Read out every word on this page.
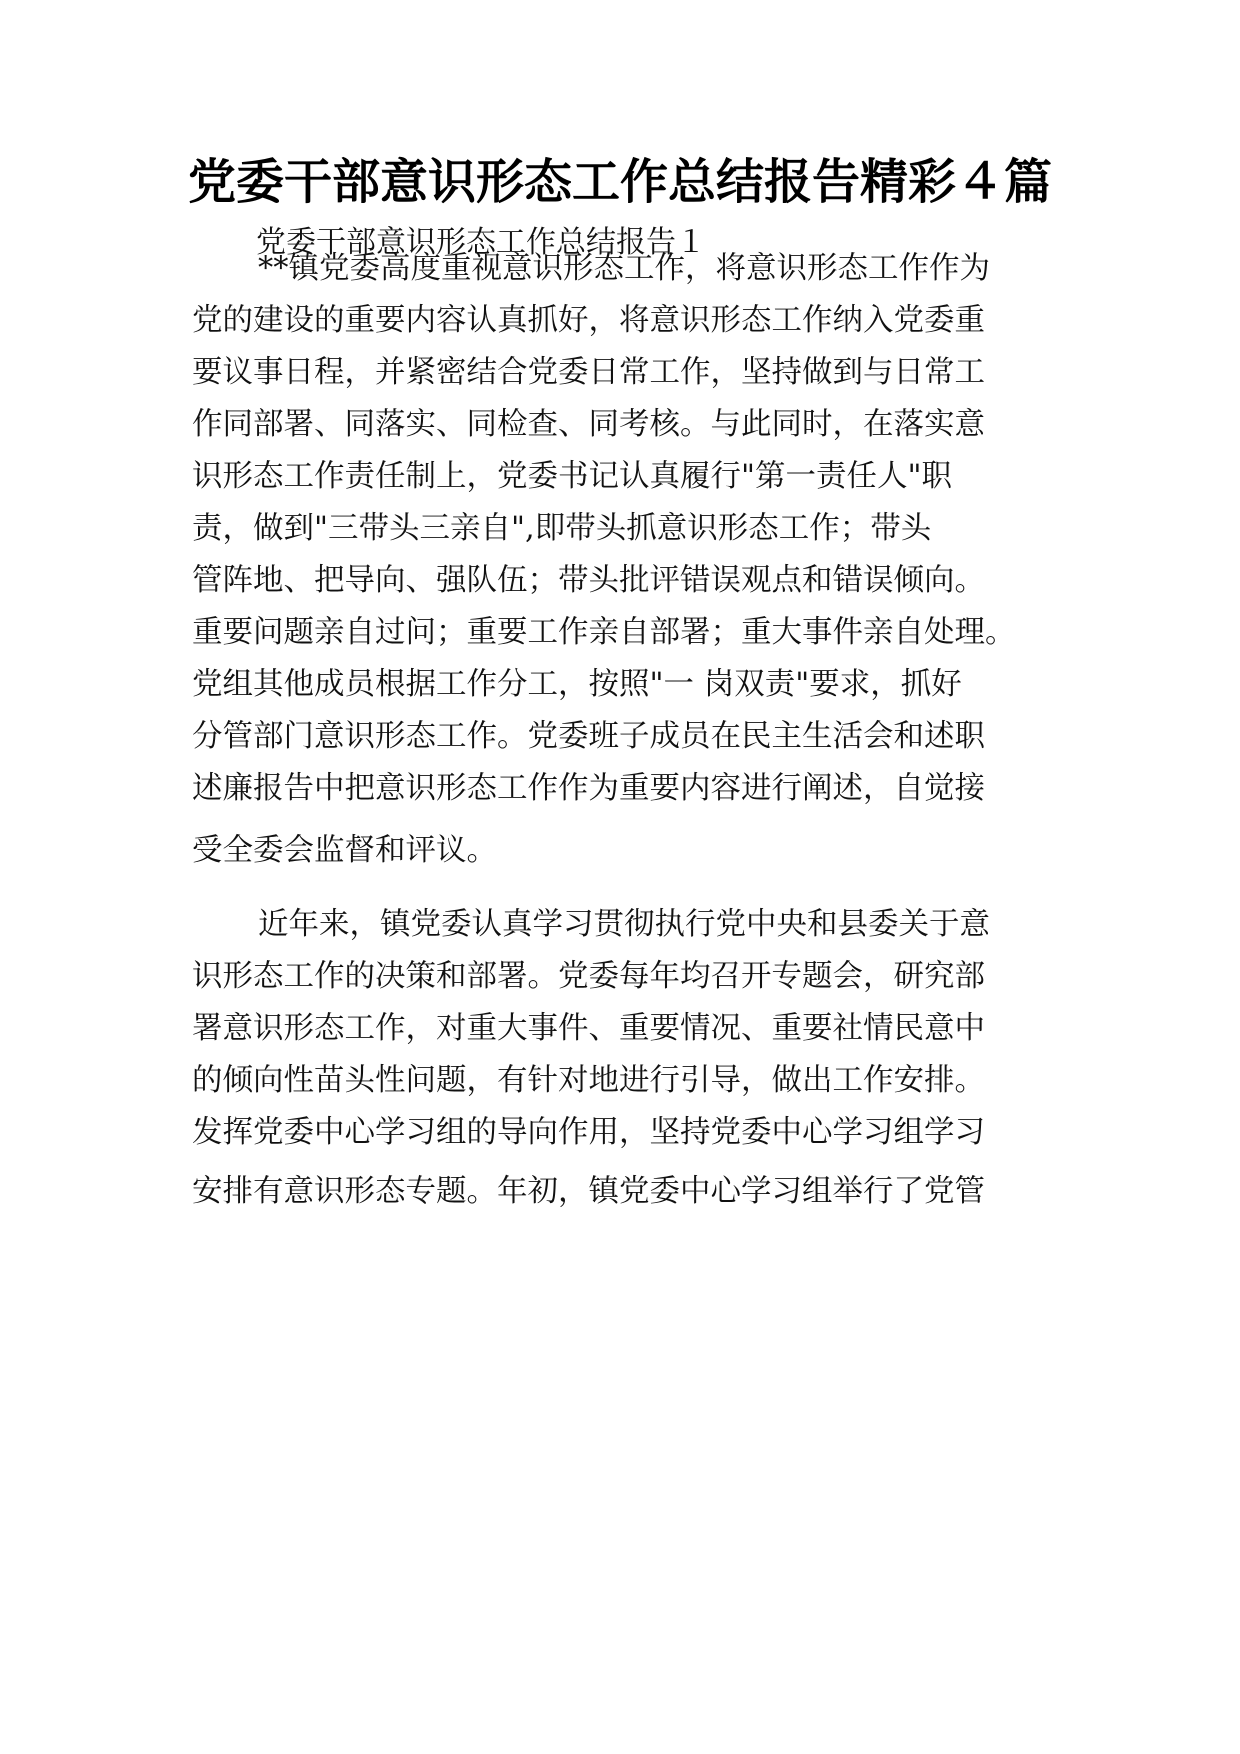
党委干部意识形态工作总结报告精彩４篇
党委干部意识形态工作总结报告１
**镇党委高度重视意识形态工作，将意识形态工作作为
党的建设的重要内容认真抓好，将意识形态工作纳入党委重
要议事日程，并紧密结合党委日常工作，坚持做到与日常工
作同部署、同落实、同检查、同考核。与此同时，在落实意
识形态工作责任制上，党委书记认真履行"第一责任人"职
责，做到"三带头三亲自",即带头抓意识形态工作；带头
管阵地、把导向、强队伍；带头批评错误观点和错误倾向。
重要问题亲自过问；重要工作亲自部署；重大事件亲自处理。
党组其他成员根据工作分工，按照"一 岗双责"要求，抓好
分管部门意识形态工作。党委班子成员在民主生活会和述职
述廉报告中把意识形态工作作为重要内容进行阐述，自觉接
受全委会监督和评议。
近年来，镇党委认真学习贯彻执行党中央和县委关于意
识形态工作的决策和部署。党委每年均召开专题会，研究部
署意识形态工作，对重大事件、重要情况、重要社情民意中
的倾向性苗头性问题，有针对地进行引导，做出工作安排。
发挥党委中心学习组的导向作用，坚持党委中心学习组学习
安排有意识形态专题。年初，镇党委中心学习组举行了党管
